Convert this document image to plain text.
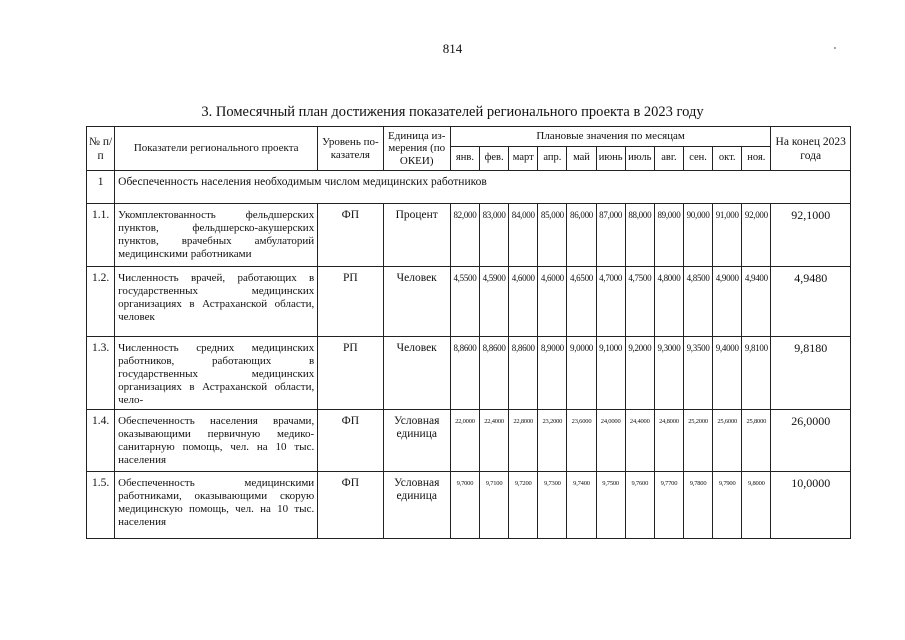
814
3. Помесячный план достижения показателей регионального проекта в 2023 году
№ п/п	Показатели регионального проекта	Уровень по-казателя	Единица из-мерения (по ОКЕИ)	Плановые значения по месяцам											На конец 2023 года
				янв.	фев.	март	апр.	май	июнь	июль	авг.	сен.	окт.	ноя.	
1	Обеспеченность населения необходимым числом медицинских работников														
1.1.	Укомплектованность фельдшерских пунктов, фельдшерско-акушерских пунктов, врачебных амбулаторий медицинскими работниками	ФП	Процент	82,000	83,000	84,000	85,000	86,000	87,000	88,000	89,000	90,000	91,000	92,000	92,1000
1.2.	Численность врачей, работающих в государственных медицинских организациях в Астраханской области, человек	РП	Человек	4,5500	4,5900	4,6000	4,6000	4,6500	4,7000	4,7500	4,8000	4,8500	4,9000	4,9400	4,9480
1.3.	Численность средних медицинских работников, работающих в государственных медицинских организациях в Астраханской области, чело-	РП	Человек	8,8600	8,8600	8,8600	8,9000	9,0000	9,1000	9,2000	9,3000	9,3500	9,4000	9,8100	9,8180
1.4.	Обеспеченность населения врачами, оказывающими первичную медико-санитарную помощь, чел. на 10 тыс. населения	ФП	Условная единица	22,0000	22,4000	22,8000	23,2000	23,6000	24,0000	24,4000	24,8000	25,2000	25,6000	25,8000	26,0000
1.5.	Обеспеченность медицинскими работниками, оказывающими скорую медицинскую помощь, чел. на 10 тыс. населения	ФП	Условная единица	9,7000	9,7100	9,7200	9,7300	9,7400	9,7500	9,7600	9,7700	9,7800	9,7900	9,8000	10,0000
